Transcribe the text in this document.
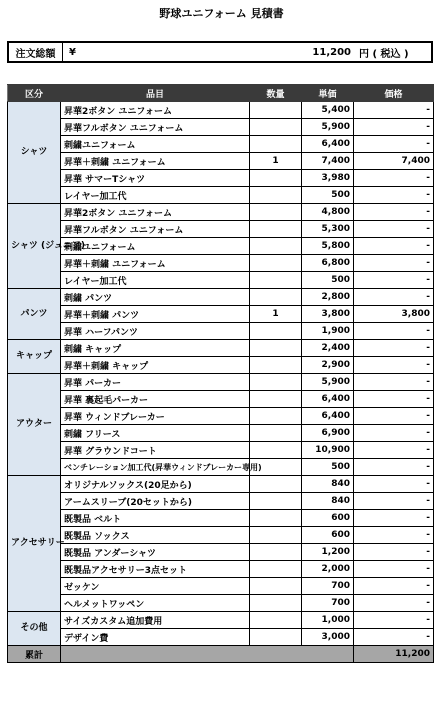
野球ユニフォーム 見積書
注文総額	¥	11,200 円 ( 税込 )
区分	品目	数量	単価	価格
シャツ	昇華2ボタン ユニフォーム		5,400	-
	昇華フルボタン ユニフォーム		5,900	-
	刺繍ユニフォーム		6,400	-
	昇華＋刺繍 ユニフォーム	1	7,400	7,400
	昇華 サマーTシャツ		3,980	-
	レイヤー加工代		500	-
シャツ (ジュニア)	昇華2ボタン ユニフォーム		4,800	-
	昇華フルボタン ユニフォーム		5,300	-
	刺繍ユニフォーム		5,800	-
	昇華＋刺繍 ユニフォーム		6,800	-
	レイヤー加工代		500	-
パンツ	刺繍 パンツ		2,800	-
	昇華＋刺繍 パンツ	1	3,800	3,800
	昇華 ハーフパンツ		1,900	-
キャップ	刺繍 キャップ		2,400	-
	昇華＋刺繍 キャップ		2,900	-
アウター	昇華 パーカー		5,900	-
	昇華 裏起毛パーカー		6,400	-
	昇華 ウィンドブレーカー		6,400	-
	刺繍 フリース		6,900	-
	昇華 グラウンドコート		10,900	-
	ベンチレーション加工代(昇華ウィンドブレーカー専用)		500	-
アクセサリー	オリジナルソックス(20足から)		840	-
	アームスリーブ(20セットから)		840	-
	既製品 ベルト		600	-
	既製品 ソックス		600	-
	既製品 アンダーシャツ		1,200	-
	既製品アクセサリー3点セット		2,000	-
	ゼッケン		700	-
	ヘルメットワッペン		700	-
その他	サイズカスタム追加費用		1,000	-
	デザイン費		3,000	-
累計				11,200
